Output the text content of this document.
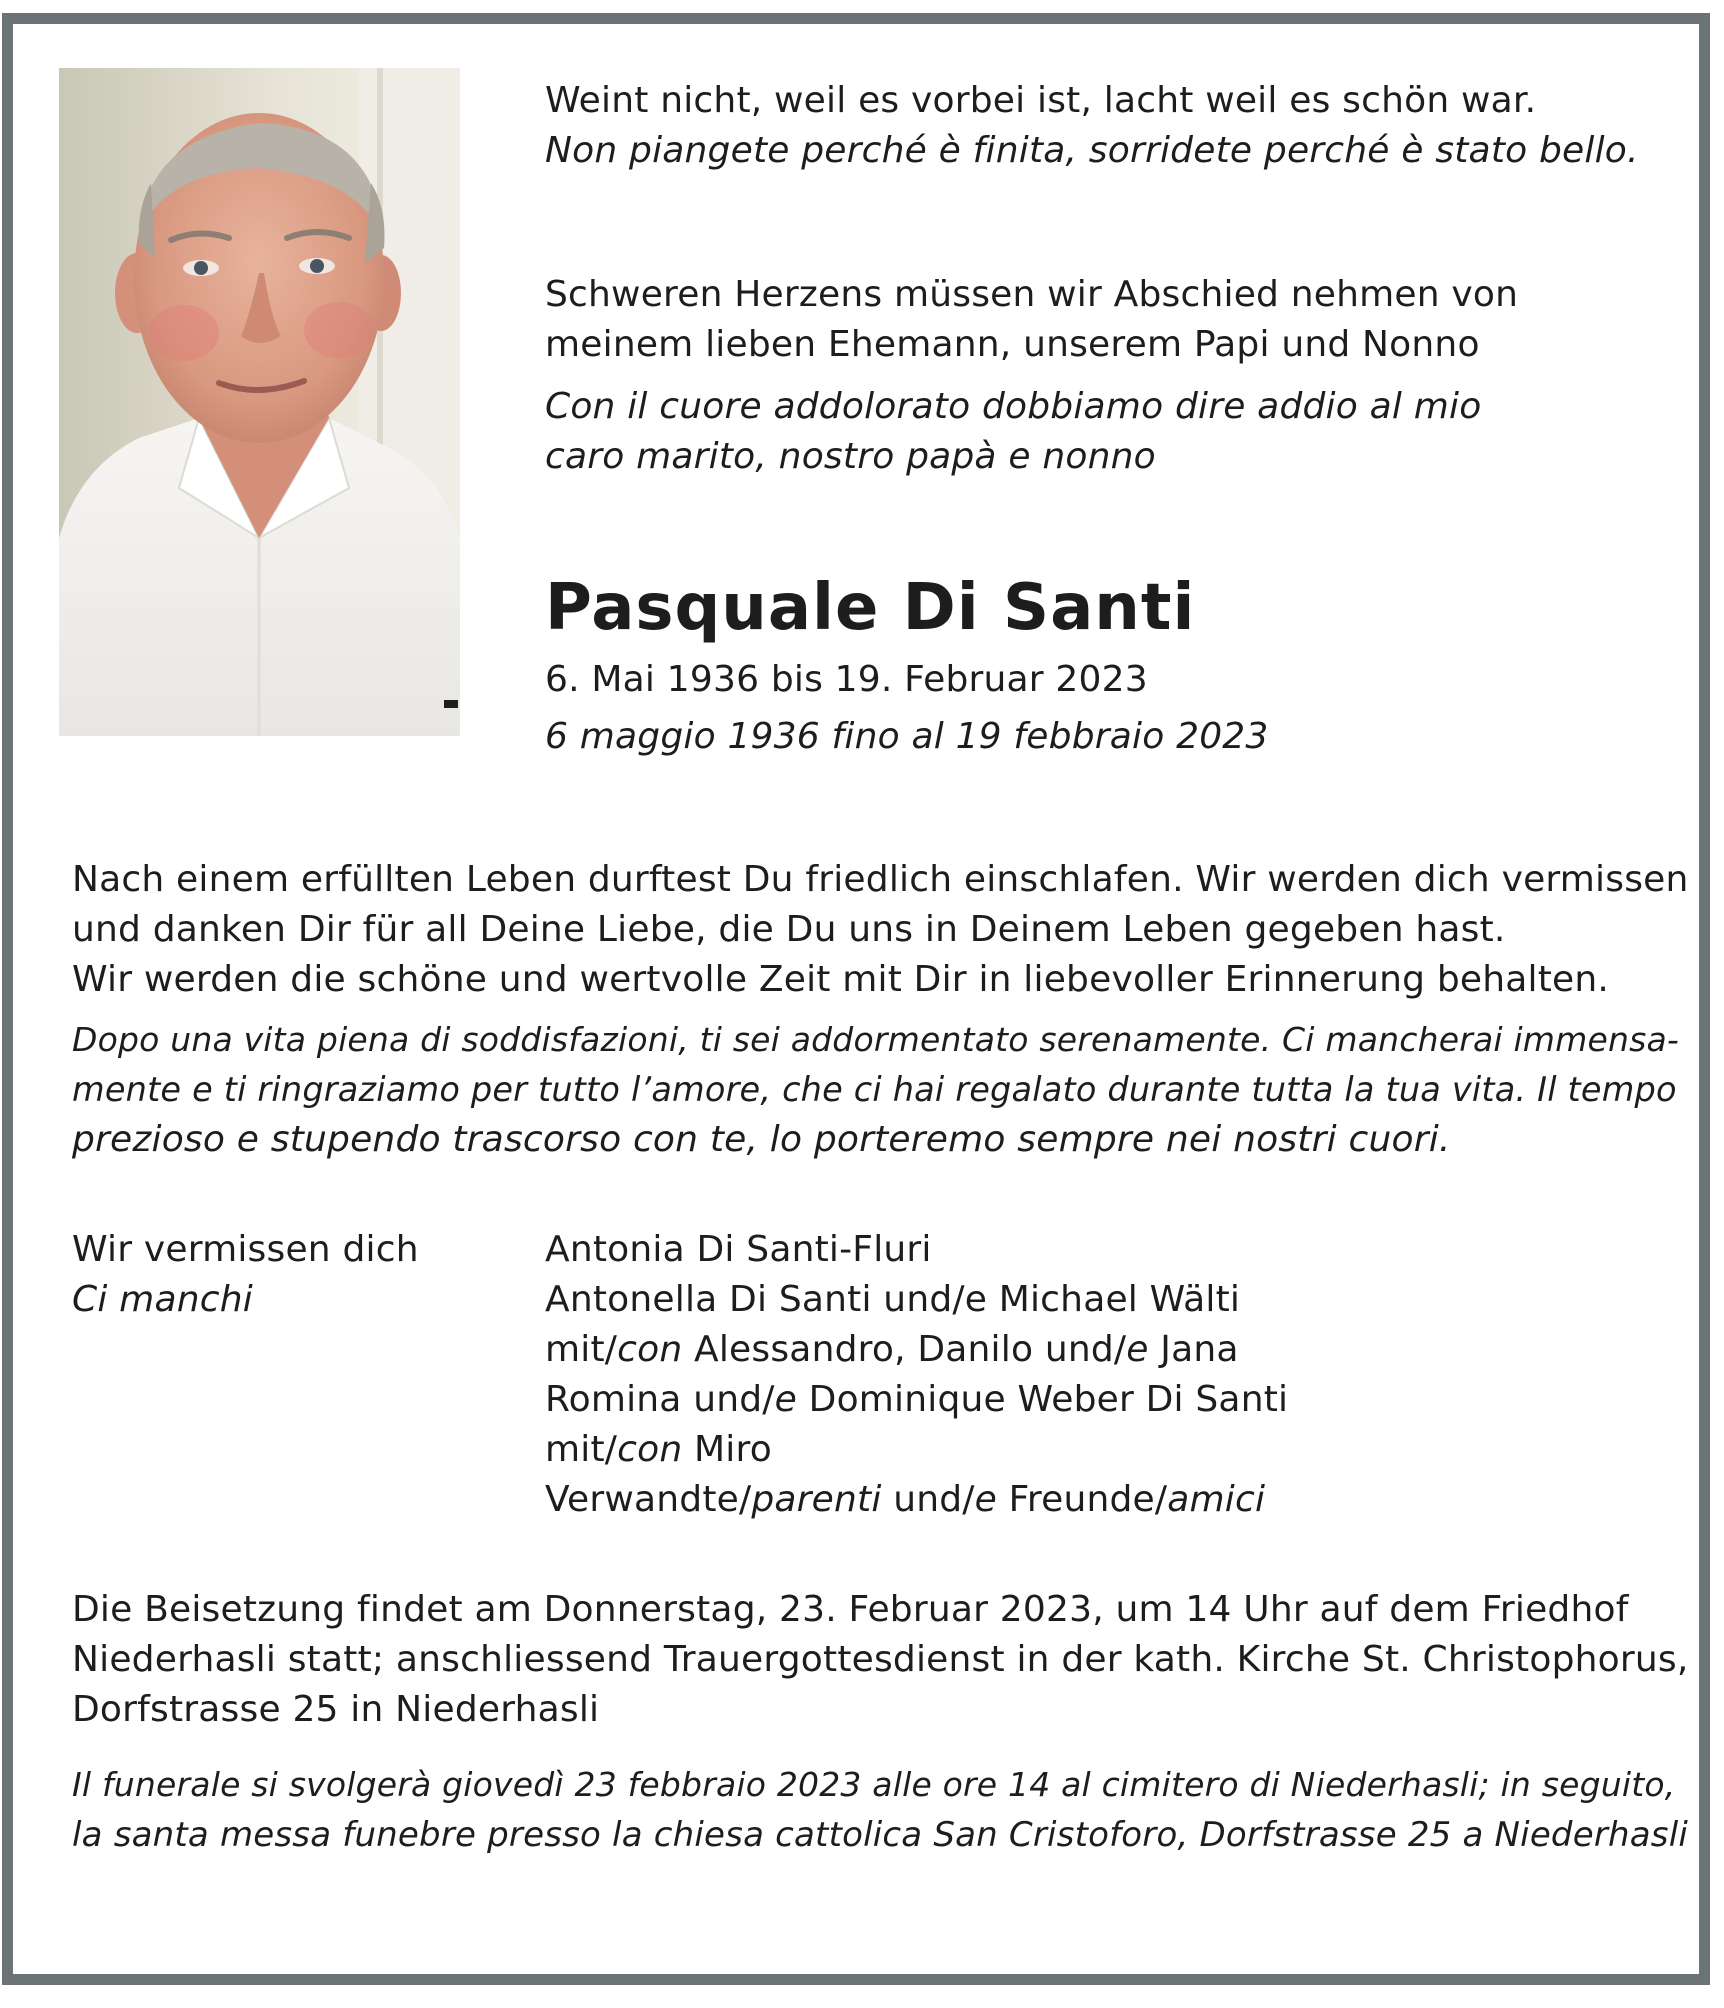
Weint nicht, weil es vorbei ist, lacht weil es schön war.

Non piangete perché è finita, sorridete perché è stato bello.

Schweren Herzens müssen wir Abschied nehmen von

meinem lieben Ehemann, unserem Papi und Nonno

Con il cuore addolorato dobbiamo dire addio al mio

caro marito, nostro papà e nonno

Pasquale Di Santi

6. Mai 1936 bis 19. Februar 2023

6 maggio 1936 fino al 19 febbraio 2023

Nach einem erfüllten Leben durftest Du friedlich einschlafen. Wir werden dich vermissen

und danken Dir für all Deine Liebe, die Du uns in Deinem Leben gegeben hast.

Wir werden die schöne und wertvolle Zeit mit Dir in liebevoller Erinnerung behalten.

Dopo una vita piena di soddisfazioni, ti sei addormentato serenamente. Ci mancherai immensa-

mente e ti ringraziamo per tutto l’amore, che ci hai regalato durante tutta la tua vita. Il tempo

prezioso e stupendo trascorso con te, lo porteremo sempre nei nostri cuori.

Wir vermissen dich

Ci manchi

Antonia Di Santi-Fluri

Antonella Di Santi und/e Michael Wälti

mit/con Alessandro, Danilo und/e Jana

Romina und/e Dominique Weber Di Santi

mit/con Miro

Verwandte/parenti und/e Freunde/amici

Die Beisetzung findet am Donnerstag, 23. Februar 2023, um 14 Uhr auf dem Friedhof

Niederhasli statt; anschliessend Trauergottesdienst in der kath. Kirche St. Christophorus,

Dorfstrasse 25 in Niederhasli

Il funerale si svolgerà giovedì 23 febbraio 2023 alle ore 14 al cimitero di Niederhasli; in seguito,

la santa messa funebre presso la chiesa cattolica San Cristoforo, Dorfstrasse 25 a Niederhasli
